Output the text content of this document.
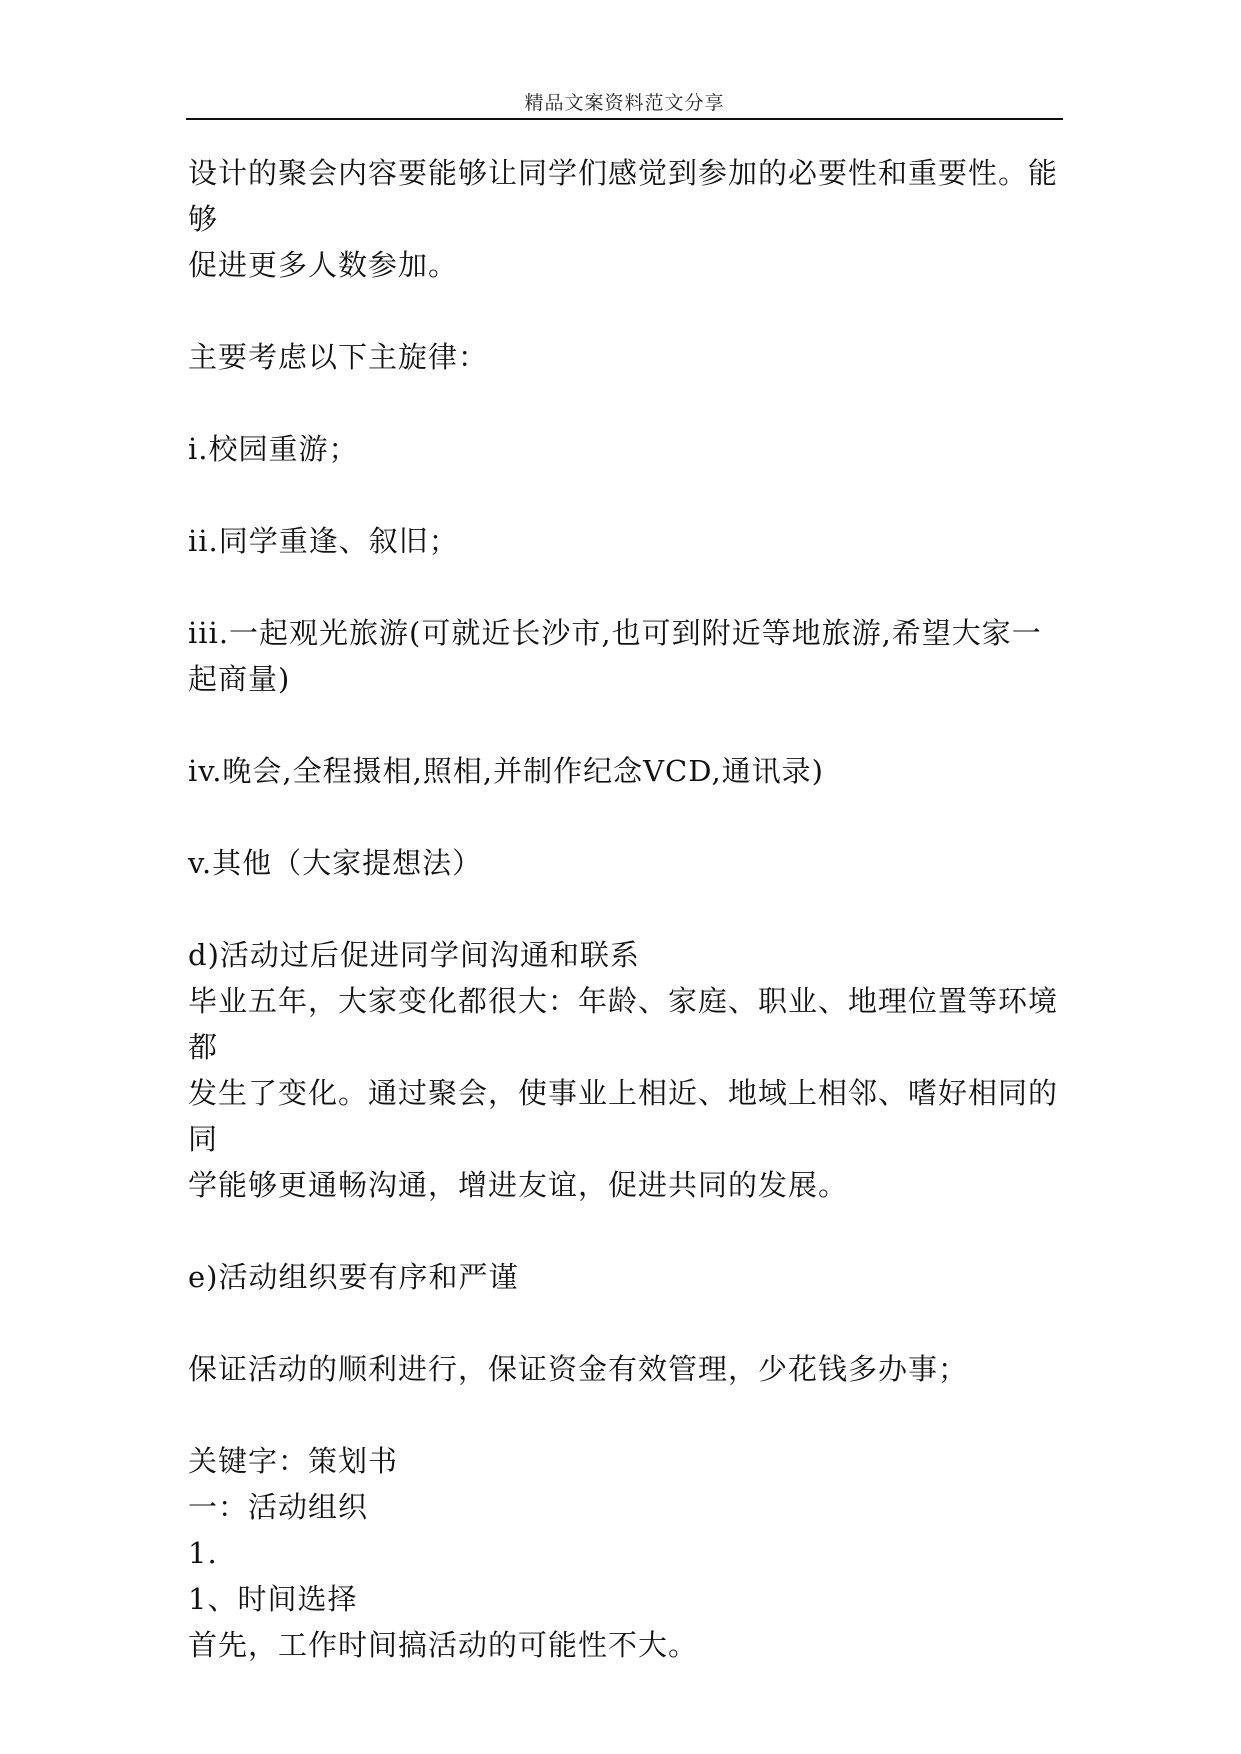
精品文案资料范文分享

设计的聚会内容要能够让同学们感觉到参加的必要性和重要性。能够

促进更多人数参加。

主要考虑以下主旋律：

i.校园重游；

ii.同学重逢、叙旧；

iii.一起观光旅游(可就近长沙市,也可到附近等地旅游,希望大家一

起商量)

iv.晚会,全程摄相,照相,并制作纪念VCD,通讯录)

v.其他（大家提想法）

d)活动过后促进同学间沟通和联系

毕业五年，大家变化都很大：年龄、家庭、职业、地理位置等环境都

发生了变化。通过聚会，使事业上相近、地域上相邻、嗜好相同的同

学能够更通畅沟通，增进友谊，促进共同的发展。

e)活动组织要有序和严谨

保证活动的顺利进行，保证资金有效管理，少花钱多办事；

关键字：策划书

一：活动组织

1.

1、时间选择

首先，工作时间搞活动的可能性不大。
